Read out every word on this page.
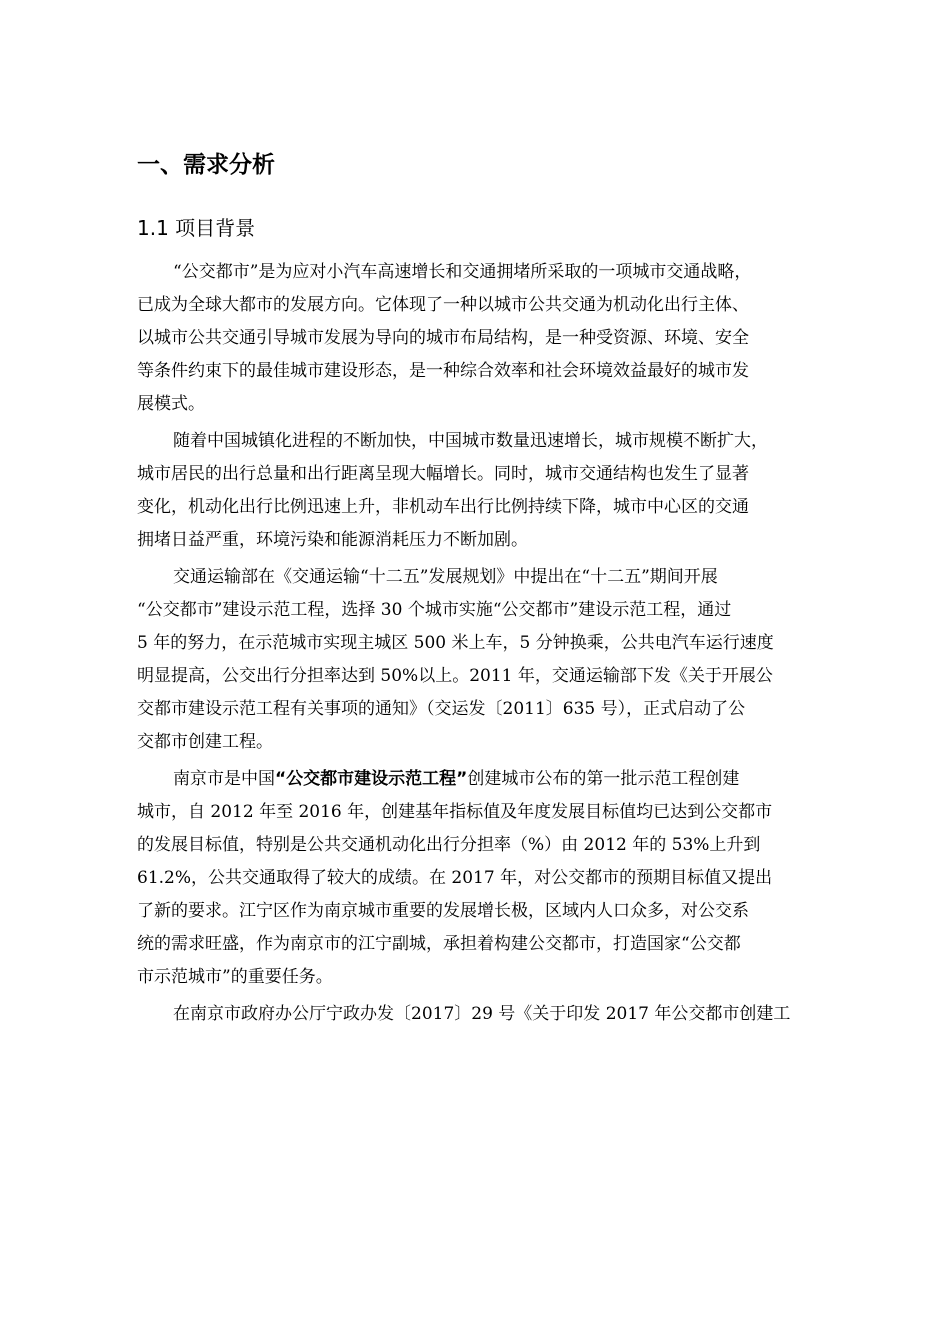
一、需求分析
1.1 项目背景

“公交都市”是为应对小汽车高速增长和交通拥堵所采取的一项城市交通战略，
已成为全球大都市的发展方向。它体现了一种以城市公共交通为机动化出行主体、
以城市公共交通引导城市发展为导向的城市布局结构，是一种受资源、环境、安全
等条件约束下的最佳城市建设形态，是一种综合效率和社会环境效益最好的城市发
展模式。

随着中国城镇化进程的不断加快，中国城市数量迅速增长，城市规模不断扩大，
城市居民的出行总量和出行距离呈现大幅增长。同时，城市交通结构也发生了显著
变化，机动化出行比例迅速上升，非机动车出行比例持续下降，城市中心区的交通
拥堵日益严重，环境污染和能源消耗压力不断加剧。

交通运输部在《交通运输“十二五”发展规划》中提出在“十二五”期间开展
“公交都市”建设示范工程，选择 30 个城市实施“公交都市”建设示范工程，通过
5 年的努力，在示范城市实现主城区 500 米上车，5 分钟换乘，公共电汽车运行速度
明显提高，公交出行分担率达到 50%以上。2011 年，交通运输部下发《关于开展公
交都市建设示范工程有关事项的通知》（交运发〔2011〕635 号），正式启动了公
交都市创建工程。

南京市是中国“公交都市建设示范工程”创建城市公布的第一批示范工程创建
城市，自 2012 年至 2016 年，创建基年指标值及年度发展目标值均已达到公交都市
的发展目标值，特别是公共交通机动化出行分担率（%）由 2012 年的 53%上升到
61.2%，公共交通取得了较大的成绩。在 2017 年，对公交都市的预期目标值又提出
了新的要求。江宁区作为南京城市重要的发展增长极，区域内人口众多，对公交系
统的需求旺盛，作为南京市的江宁副城，承担着构建公交都市，打造国家“公交都
市示范城市”的重要任务。

在南京市政府办公厅宁政办发〔2017〕29 号《关于印发 2017 年公交都市创建工
